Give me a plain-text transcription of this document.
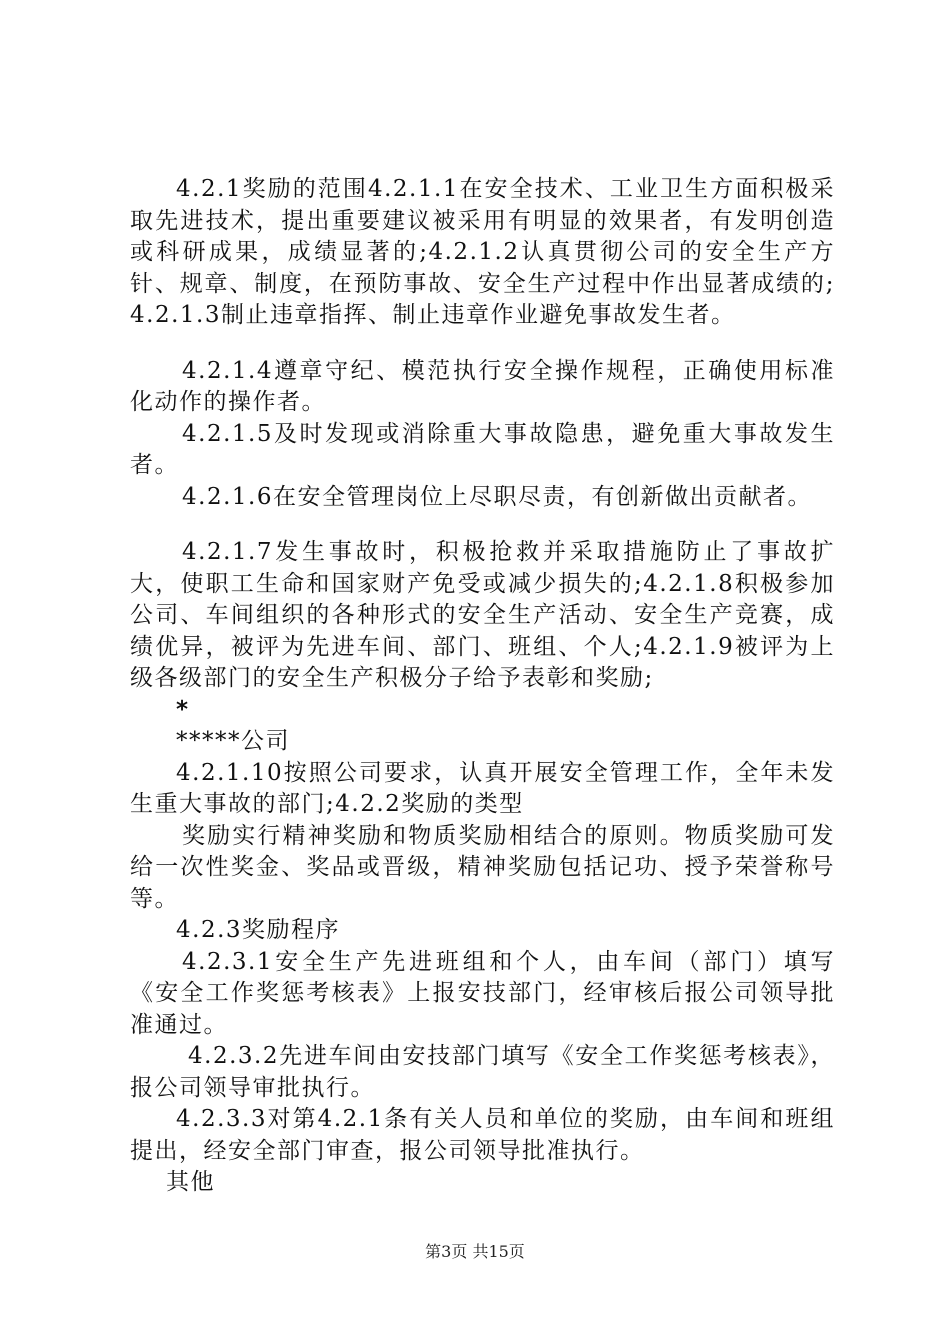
4.2.1奖励的范围4.2.1.1在安全技术、工业卫生方面积极采取先进技术，提出重要建议被采用有明显的效果者，有发明创造或科研成果，成绩显著的;4.2.1.2认真贯彻公司的安全生产方针、规章、制度，在预防事故、安全生产过程中作出显著成绩的;4.2.1.3制止违章指挥、制止违章作业避免事故发生者。

4.2.1.4遵章守纪、模范执行安全操作规程，正确使用标准化动作的操作者。

4.2.1.5及时发现或消除重大事故隐患，避免重大事故发生者。

4.2.1.6在安全管理岗位上尽职尽责，有创新做出贡献者。

4.2.1.7发生事故时，积极抢救并采取措施防止了事故扩大，使职工生命和国家财产免受或减少损失的;4.2.1.8积极参加公司、车间组织的各种形式的安全生产活动、安全生产竞赛，成绩优异，被评为先进车间、部门、班组、个人;4.2.1.9被评为上级各级部门的安全生产积极分子给予表彰和奖励;

*

*****公司

4.2.1.10按照公司要求，认真开展安全管理工作，全年未发生重大事故的部门;4.2.2奖励的类型

奖励实行精神奖励和物质奖励相结合的原则。物质奖励可发给一次性奖金、奖品或晋级，精神奖励包括记功、授予荣誉称号等。

4.2.3奖励程序

4.2.3.1安全生产先进班组和个人，由车间（部门）填写《安全工作奖惩考核表》上报安技部门，经审核后报公司领导批准通过。

4.2.3.2先进车间由安技部门填写《安全工作奖惩考核表》，报公司领导审批执行。

4.2.3.3对第4.2.1条有关人员和单位的奖励，由车间和班组提出，经安全部门审查，报公司领导批准执行。

其他

第3页 共15页
